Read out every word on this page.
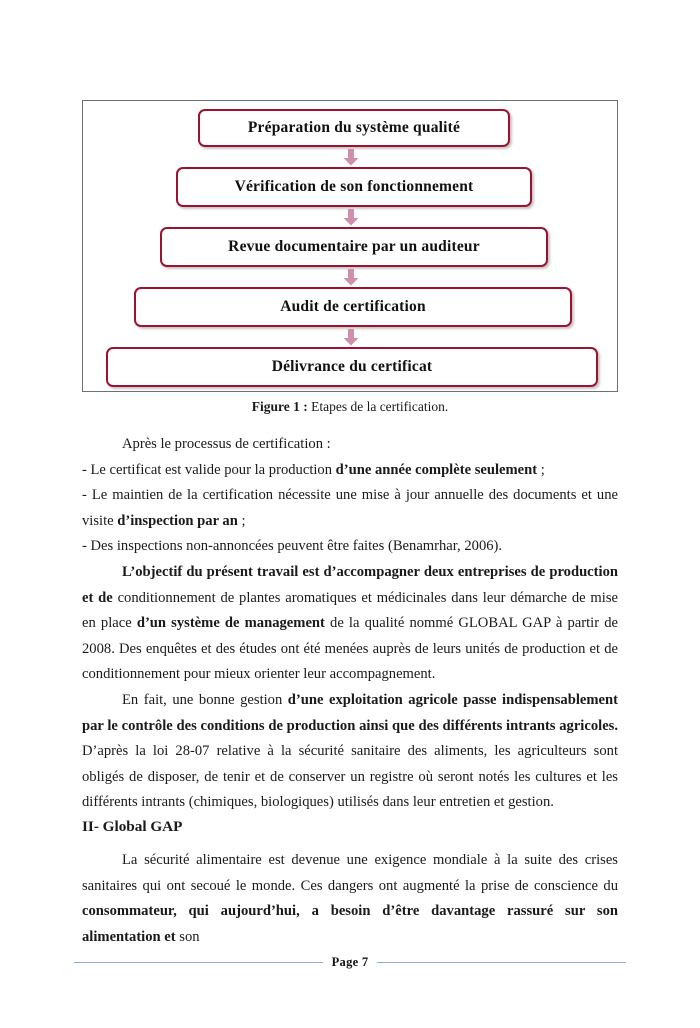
Préparation du système qualité
Vérification de son fonctionnement
Revue documentaire par un auditeur
Audit de certification
Délivrance du certificat
Figure 1 : Etapes de la certification.

Après le processus de certification :

- Le certificat est valide pour la production d’une année complète seulement ;

- Le maintien de la certification nécessite une mise à jour annuelle des documents et une visite d’inspection par an ;

- Des inspections non-annoncées peuvent être faites (Benamrhar, 2006).

L’objectif du présent travail est d’accompagner deux entreprises de production et de conditionnement de plantes aromatiques et médicinales dans leur démarche de mise en place d’un système de management de la qualité nommé GLOBAL GAP à partir de 2008. Des enquêtes et des études ont été menées auprès de leurs unités de production et de conditionnement pour mieux orienter leur accompagnement.

En fait, une bonne gestion d’une exploitation agricole passe indispensablement par le contrôle des conditions de production ainsi que des différents intrants agricoles. D’après la loi 28-07 relative à la sécurité sanitaire des aliments, les agriculteurs sont obligés de disposer, de tenir et de conserver un registre où seront notés les cultures et les différents intrants (chimiques, biologiques) utilisés dans leur entretien et gestion.

II- Global GAP

La sécurité alimentaire est devenue une exigence mondiale à la suite des crises sanitaires qui ont secoué le monde. Ces dangers ont augmenté la prise de conscience du consommateur, qui aujourd’hui, a besoin d’être davantage rassuré sur son alimentation et son

Page 7
